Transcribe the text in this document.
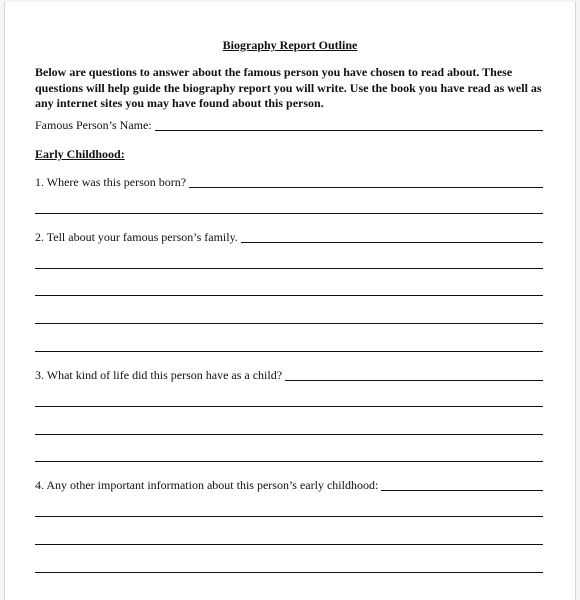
Biography Report Outline
Below are questions to answer about the famous person you have chosen to read about. These questions will help guide the biography report you will write. Use the book you have read as well as any internet sites you may have found about this person.
Famous Person’s Name:
Early Childhood:
1. Where was this person born?
2. Tell about your famous person’s family.
3. What kind of life did this person have as a child?
4. Any other important information about this person’s early childhood:
